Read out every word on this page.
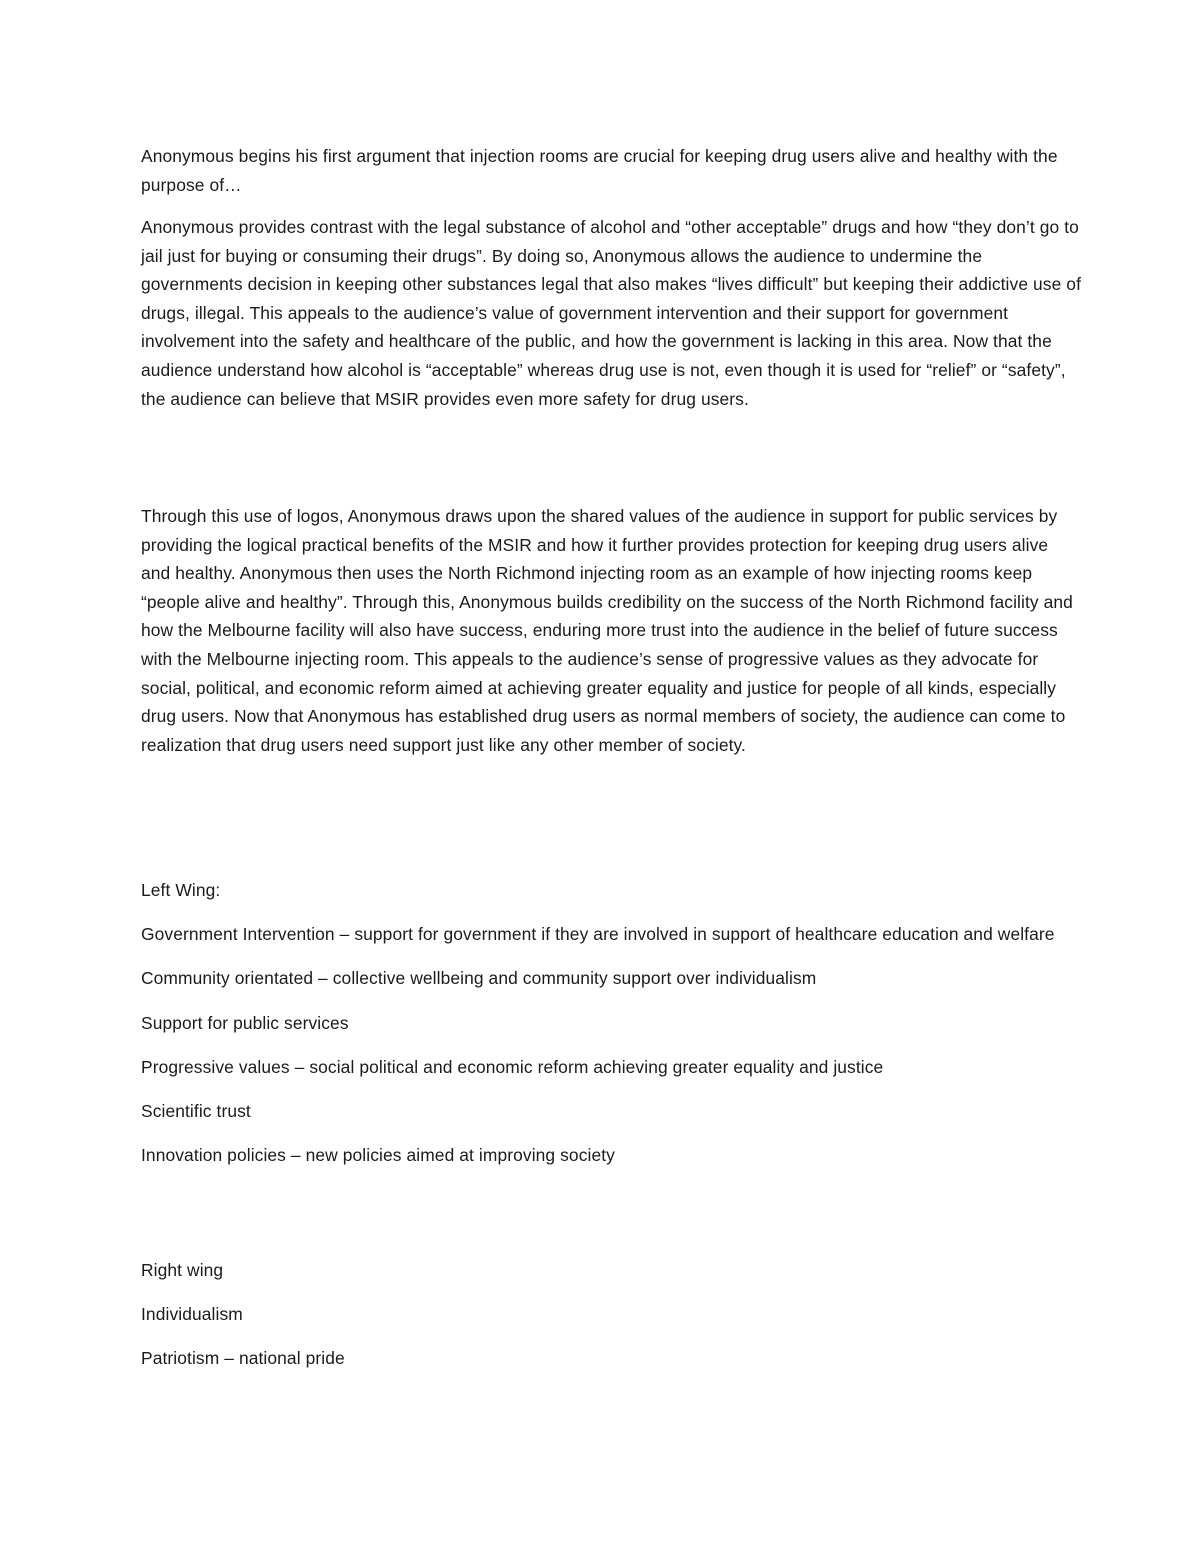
Anonymous begins his first argument that injection rooms are crucial for keeping drug users alive and healthy with the purpose of…

Anonymous provides contrast with the legal substance of alcohol and “other acceptable” drugs and how “they don’t go to jail just for buying or consuming their drugs”. By doing so, Anonymous allows the audience to undermine the governments decision in keeping other substances legal that also makes “lives difficult” but keeping their addictive use of drugs, illegal. This appeals to the audience’s value of government intervention and their support for government involvement into the safety and healthcare of the public, and how the government is lacking in this area. Now that the audience understand how alcohol is “acceptable” whereas drug use is not, even though it is used for “relief” or “safety”, the audience can believe that MSIR provides even more safety for drug users.

Through this use of logos, Anonymous draws upon the shared values of the audience in support for public services by providing the logical practical benefits of the MSIR and how it further provides protection for keeping drug users alive and healthy. Anonymous then uses the North Richmond injecting room as an example of how injecting rooms keep “people alive and healthy”. Through this, Anonymous builds credibility on the success of the North Richmond facility and how the Melbourne facility will also have success, enduring more trust into the audience in the belief of future success with the Melbourne injecting room. This appeals to the audience’s sense of progressive values as they advocate for social, political, and economic reform aimed at achieving greater equality and justice for people of all kinds, especially drug users. Now that Anonymous has established drug users as normal members of society, the audience can come to realization that drug users need support just like any other member of society.

Left Wing:

Government Intervention – support for government if they are involved in support of healthcare education and welfare

Community orientated – collective wellbeing and community support over individualism

Support for public services

Progressive values – social political and economic reform achieving greater equality and justice

Scientific trust

Innovation policies – new policies aimed at improving society

Right wing

Individualism

Patriotism – national pride
